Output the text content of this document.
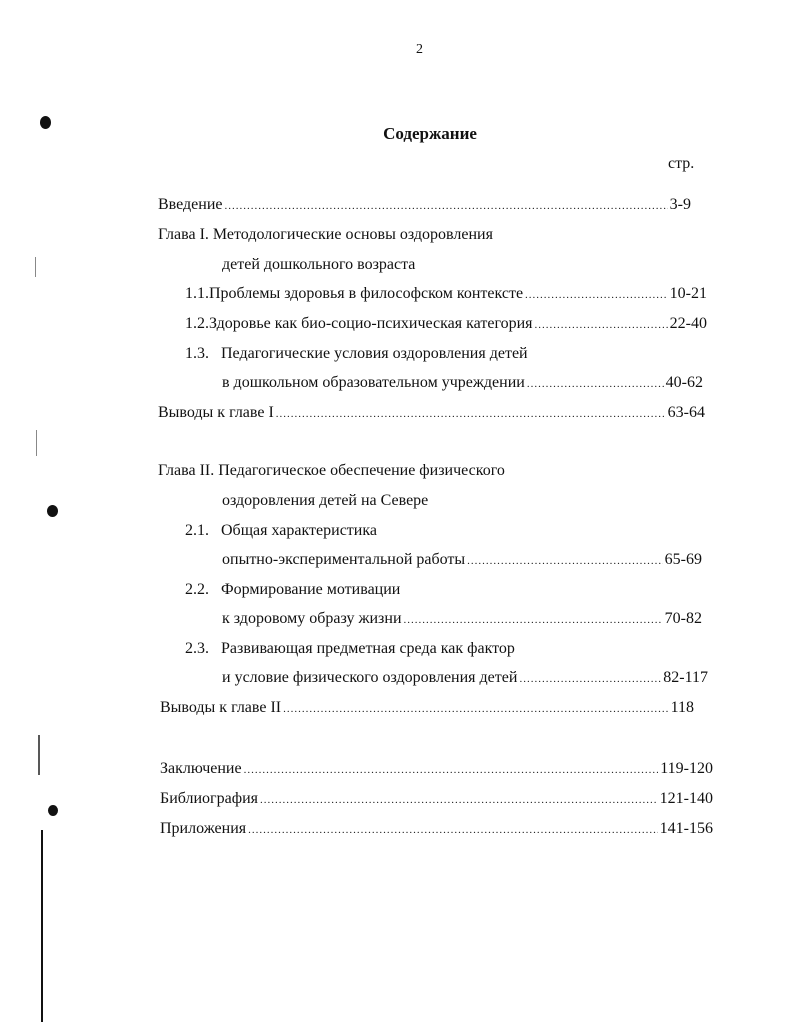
2
Содержание
стр.
Введение .....	3-9
Глава I. Методологические основы оздоровления
детей дошкольного возраста
1.1. Проблемы здоровья в философском контексте .....	10-21
1.2. Здоровье как био-социо-психическая категория .....	22-40
1.3. Педагогические условия оздоровления детей
в дошкольном образовательном учреждении .....	40-62
Выводы к главе I .....	63-64
Глава II. Педагогическое обеспечение физического
оздоровления детей на Севере
2.1. Общая характеристика
опытно-экспериментальной работы .....	65-69
2.2. Формирование мотивации
к здоровому образу жизни .....	70-82
2.3. Развивающая предметная среда как фактор
и условие физического оздоровления детей .....	82-117
Выводы к главе II .....	118
Заключение .....	119-120
Библиография .....	121-140
Приложения .....	141-156
